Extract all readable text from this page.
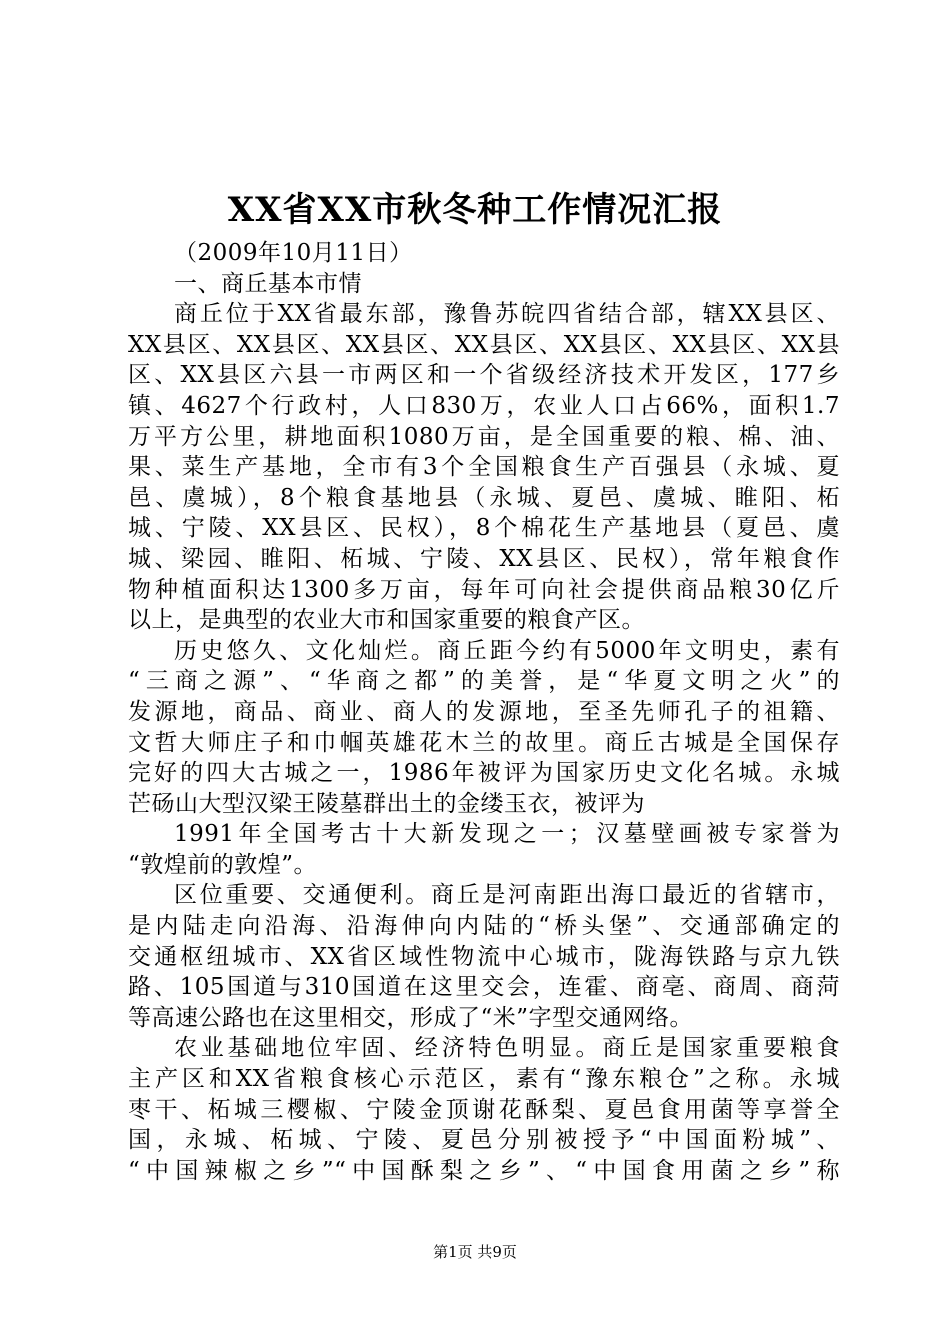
XX省XX市秋冬种工作情况汇报
（2009年10月11日）
一、商丘基本市情
商丘位于XX省最东部，豫鲁苏皖四省结合部，辖XX县区、
XX县区、XX县区、XX县区、XX县区、XX县区、XX县区、XX县
区、XX县区六县一市两区和一个省级经济技术开发区，177乡
镇、4627个行政村，人口830万，农业人口占66%，面积1.7
万平方公里，耕地面积1080万亩，是全国重要的粮、棉、油、
果、菜生产基地，全市有3个全国粮食生产百强县（永城、夏
邑、虞城），8个粮食基地县（永城、夏邑、虞城、睢阳、柘
城、宁陵、XX县区、民权），8个棉花生产基地县（夏邑、虞
城、梁园、睢阳、柘城、宁陵、XX县区、民权），常年粮食作
物种植面积达1300多万亩，每年可向社会提供商品粮30亿斤
以上，是典型的农业大市和国家重要的粮食产区。
历史悠久、文化灿烂。商丘距今约有5000年文明史，素有
“三商之源”、“华商之都”的美誉，是“华夏文明之火”的
发源地，商品、商业、商人的发源地，至圣先师孔子的祖籍、
文哲大师庄子和巾帼英雄花木兰的故里。商丘古城是全国保存
完好的四大古城之一，1986年被评为国家历史文化名城。永城
芒砀山大型汉梁王陵墓群出土的金缕玉衣，被评为
1991年全国考古十大新发现之一；汉墓壁画被专家誉为
“敦煌前的敦煌”。
区位重要、交通便利。商丘是河南距出海口最近的省辖市，
是内陆走向沿海、沿海伸向内陆的“桥头堡”、交通部确定的
交通枢纽城市、XX省区域性物流中心城市，陇海铁路与京九铁
路、105国道与310国道在这里交会，连霍、商亳、商周、商菏
等高速公路也在这里相交，形成了“米”字型交通网络。
农业基础地位牢固、经济特色明显。商丘是国家重要粮食
主产区和XX省粮食核心示范区，素有“豫东粮仓”之称。永城
枣干、柘城三樱椒、宁陵金顶谢花酥梨、夏邑食用菌等享誉全
国，永城、柘城、宁陵、夏邑分别被授予“中国面粉城”、
“中国辣椒之乡”“中国酥梨之乡”、“中国食用菌之乡”称
第1页 共9页
